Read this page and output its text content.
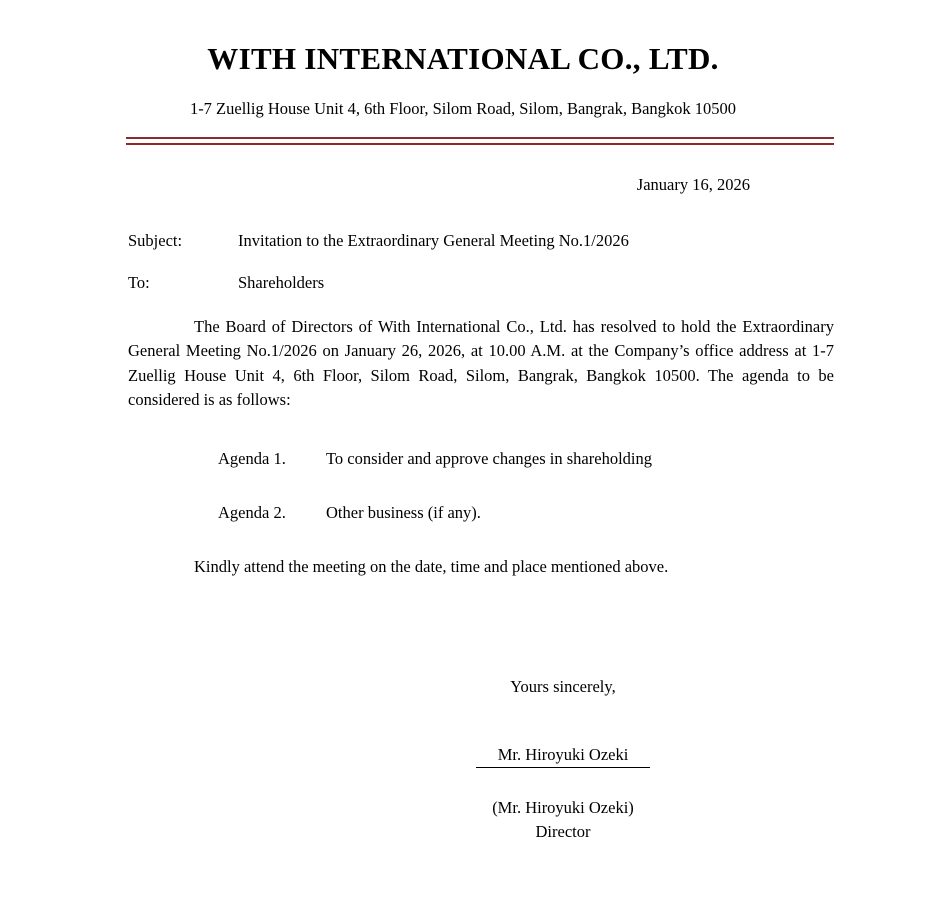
WITH INTERNATIONAL CO., LTD.
1-7 Zuellig House Unit 4, 6th Floor, Silom Road, Silom, Bangrak, Bangkok 10500
January 16, 2026
Subject:	Invitation to the Extraordinary General Meeting No.1/2026
To:	Shareholders
The Board of Directors of With International Co., Ltd. has resolved to hold the Extraordinary General Meeting No.1/2026 on January 26, 2026, at 10.00 A.M. at the Company’s office address at 1-7 Zuellig House Unit 4, 6th Floor, Silom Road, Silom, Bangrak, Bangkok 10500. The agenda to be considered is as follows:
Agenda 1.	To consider and approve changes in shareholding
Agenda 2.	Other business (if any).
Kindly attend the meeting on the date, time and place mentioned above.
Yours sincerely,
Mr. Hiroyuki Ozeki
(Mr. Hiroyuki Ozeki)
Director
